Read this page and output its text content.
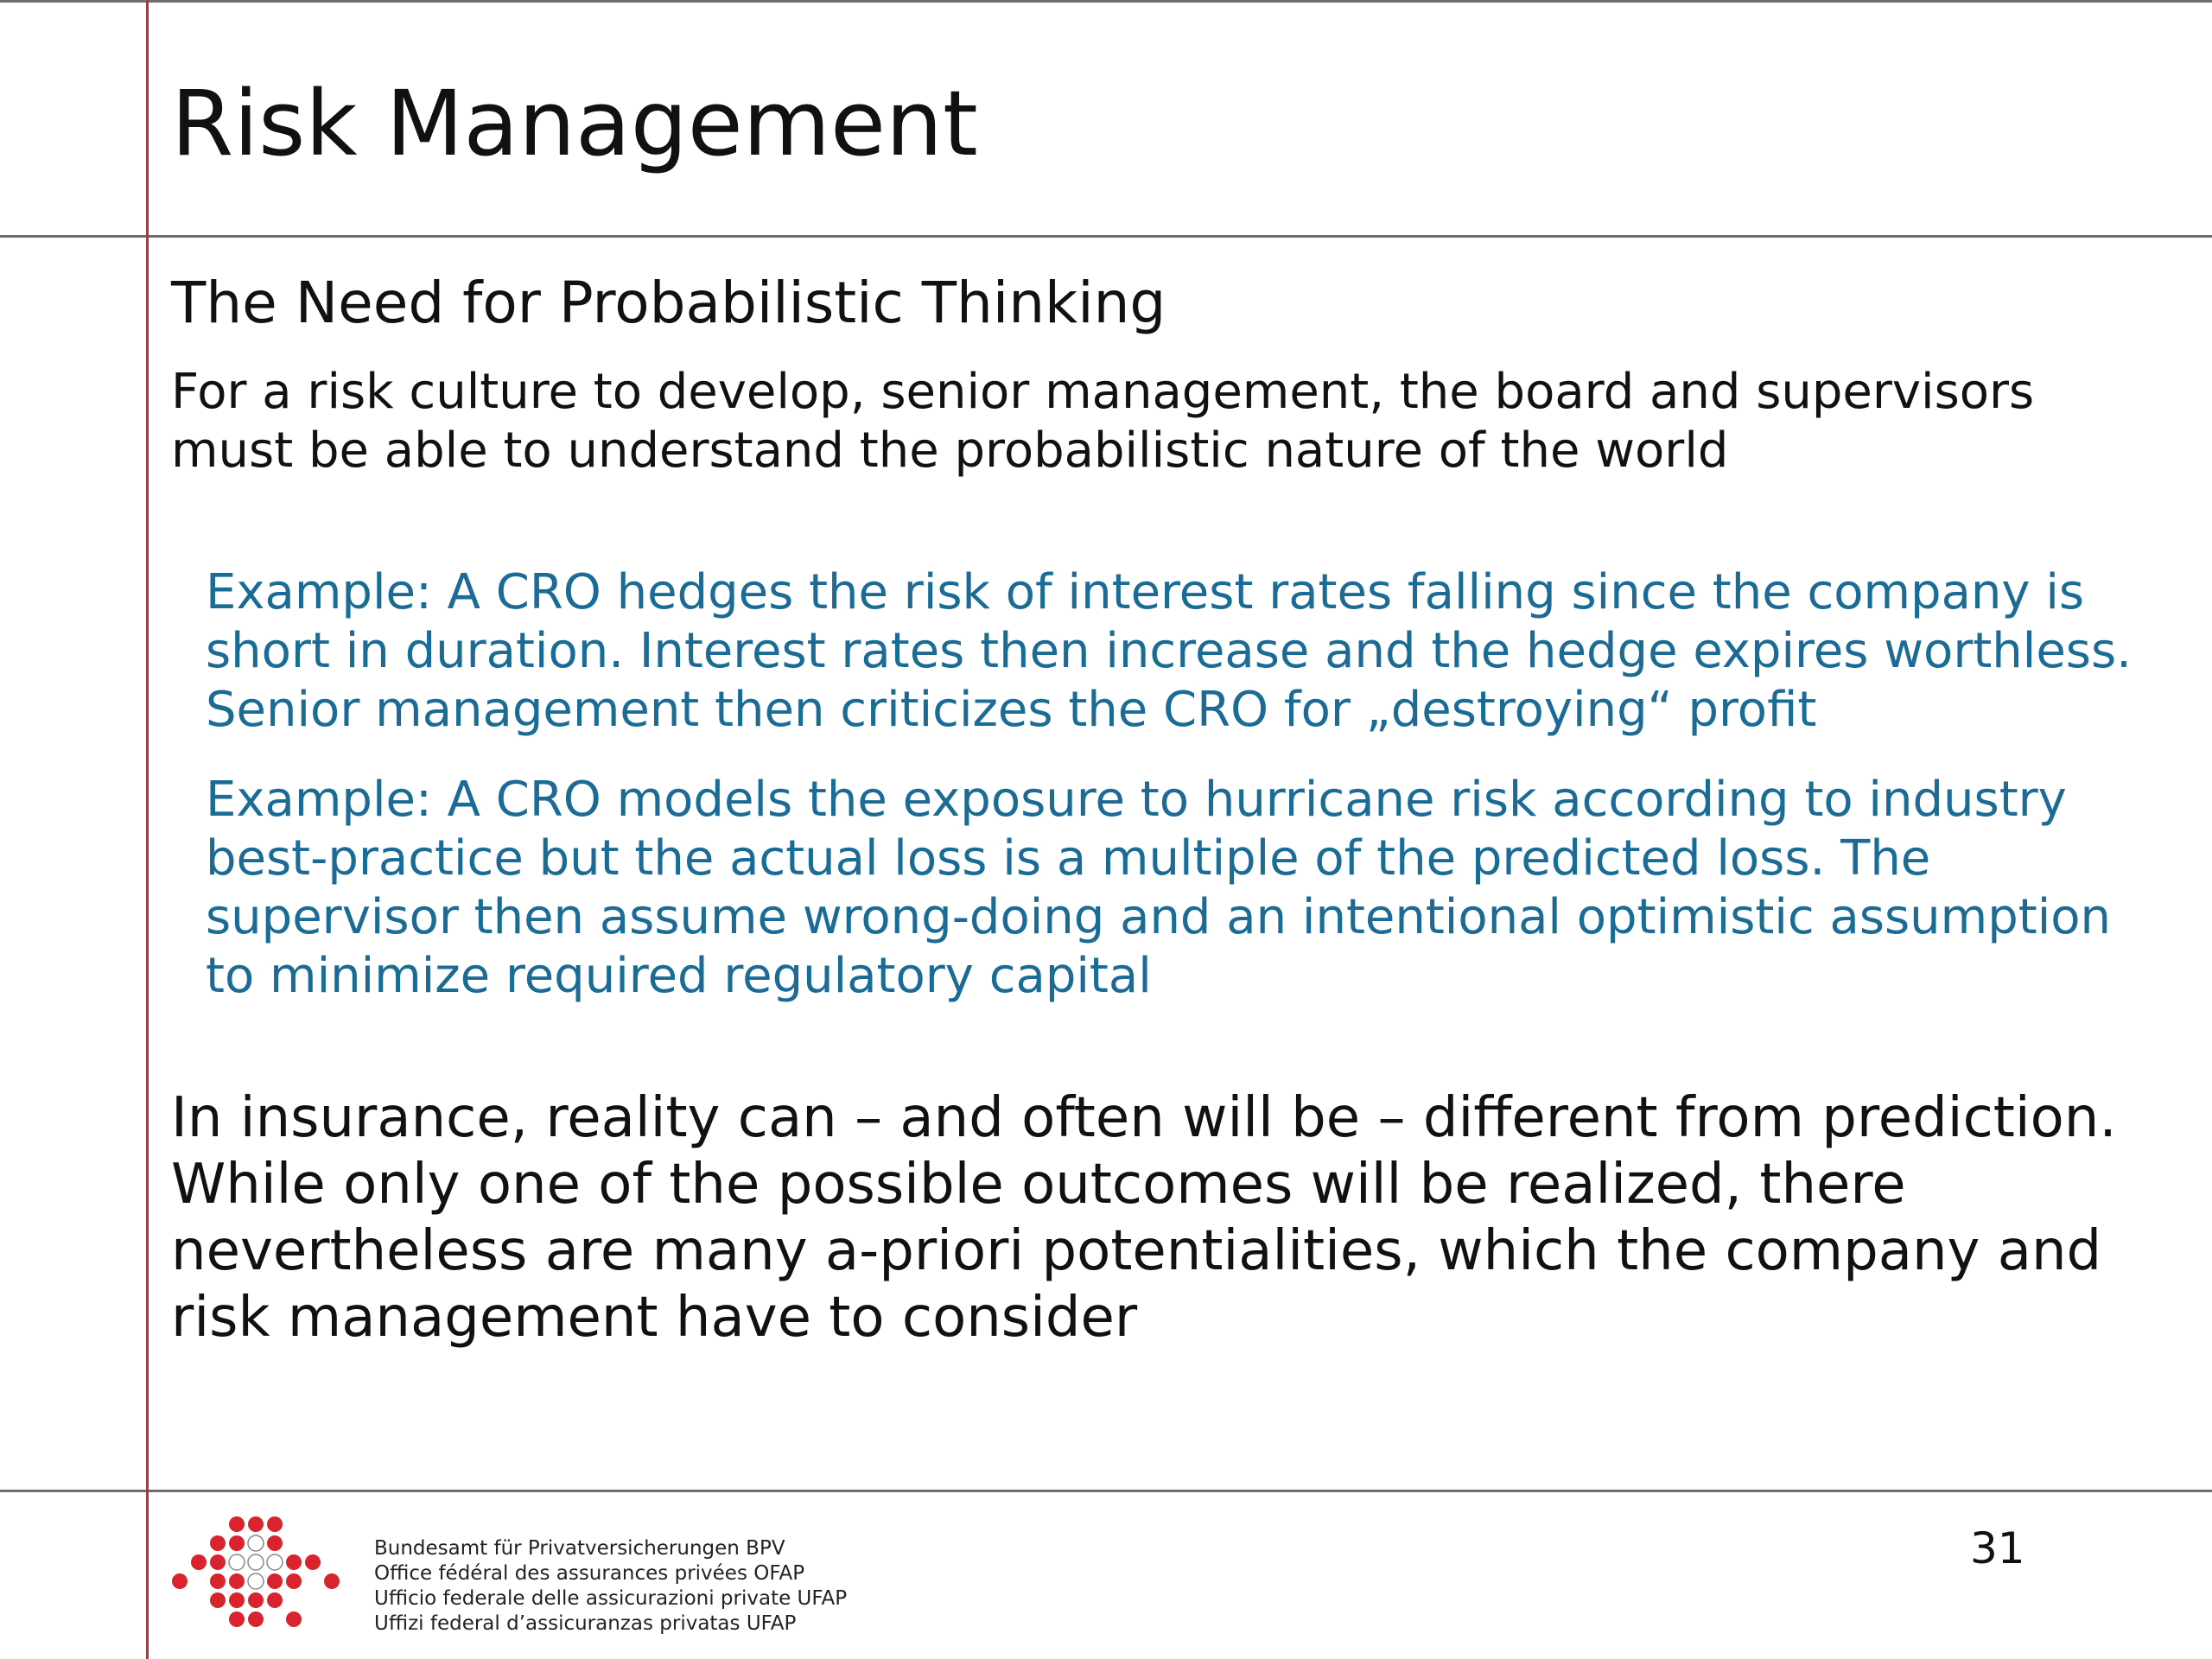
Risk Management
The Need for Probabilistic Thinking
For a risk culture to develop, senior management, the board and supervisors must be able to understand the probabilistic nature of the world
Example: A CRO hedges the risk of interest rates falling since the company is short in duration. Interest rates then increase and the hedge expires worthless. Senior management then criticizes the CRO for „destroying“ profit
Example: A CRO models the exposure to hurricane risk according to industry best-practice but the actual loss is a multiple of the predicted loss. The supervisor then assume wrong-doing and an intentional optimistic assumption to minimize required regulatory capital
In insurance, reality can – and often will be – different from prediction. While only one of the possible outcomes will be realized, there nevertheless are many a-priori potentialities, which the company and risk management have to consider
Bundesamt für Privatversicherungen BPV
Office fédéral des assurances privées OFAP
Ufficio federale delle assicurazioni private UFAP
Uffizi federal d’assicuranzas privatas UFAP
31
